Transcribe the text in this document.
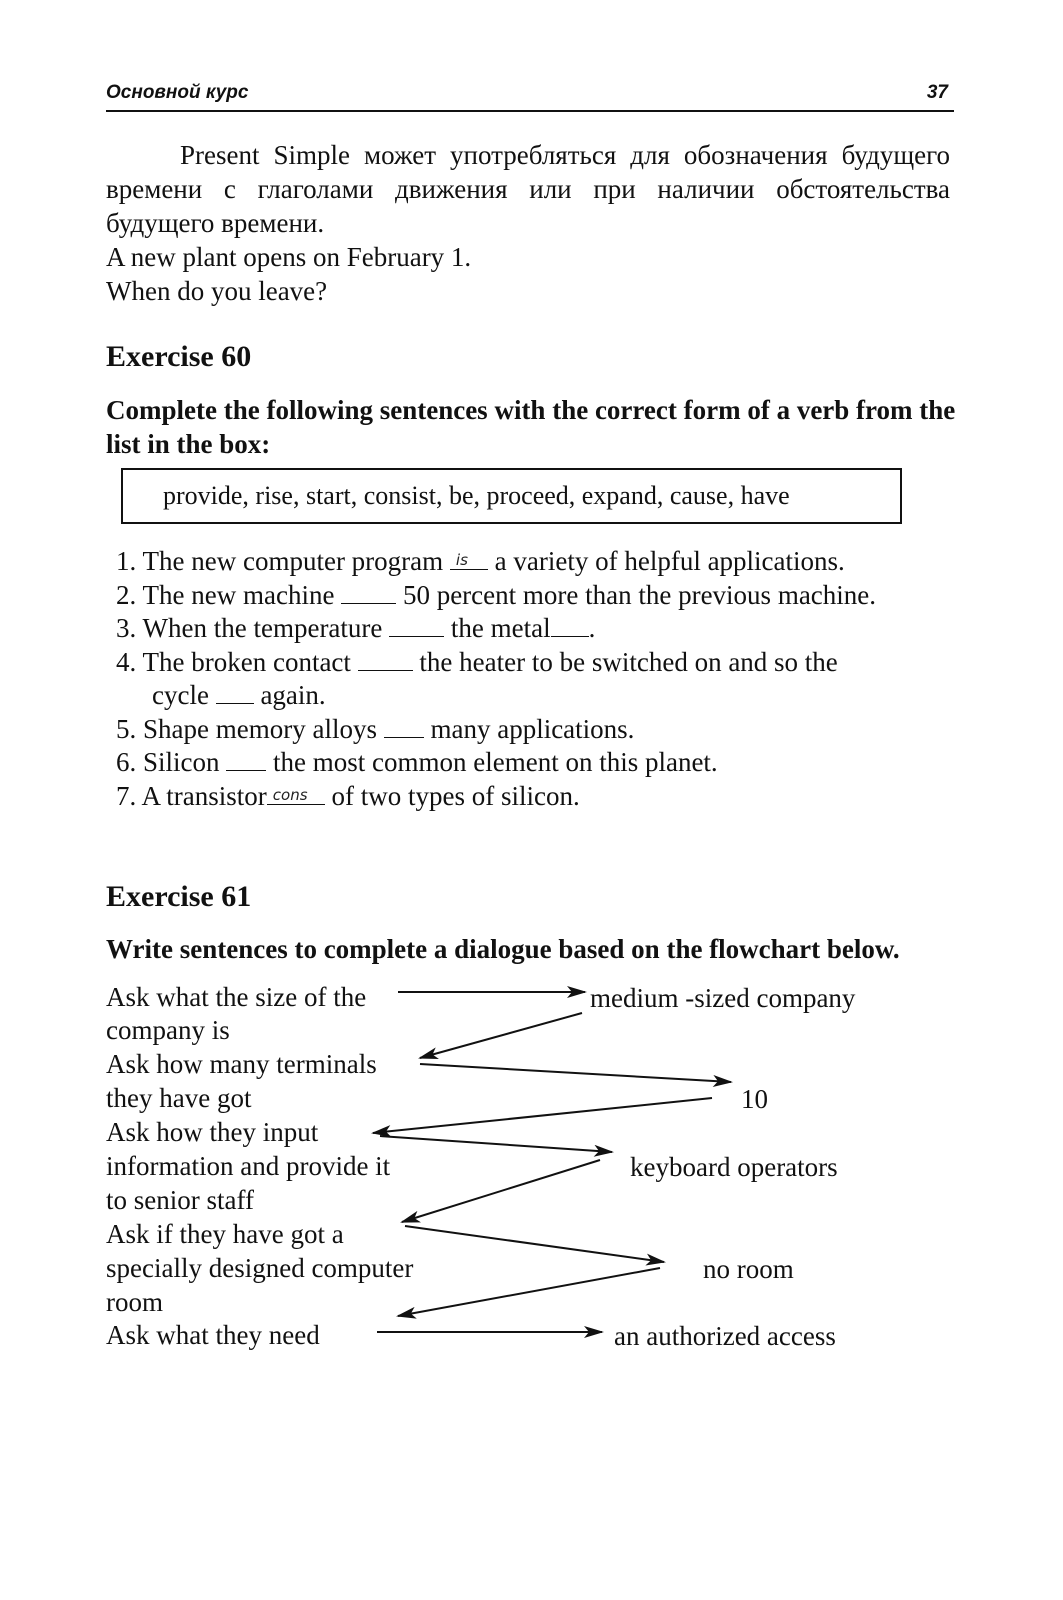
Основной курс	37

Present Simple может употребляться для обозначения будущего времени с глаголами движения или при наличии обстоятельства будущего времени.

A new plant opens on February 1.
When do you leave?
Exercise 60

Complete the following sentences with the correct form of a verb from the list in the box:

provide, rise, start, consist, be, proceed, expand, cause, have
1. The new computer program is a variety of helpful applications.
2. The new machine	50 percent more than the previous machine.
3. When the temperature	the metal .
4. The broken contact	the heater to be switched on and so the
cycle again.
5. Shape memory alloys many applications.
6. Silicon the most common element on this planet.
7. A transistor cons of two types of silicon.
Exercise 61

Write sentences to complete a dialogue based on the flowchart below.

Ask what the size of the
company is
Ask how many terminals
they have got
Ask how they input
information and provide it
to senior staff
Ask if they have got a
specially designed computer
room
Ask what they need
medium -sized company
10
keyboard operators
no room
an authorized access
